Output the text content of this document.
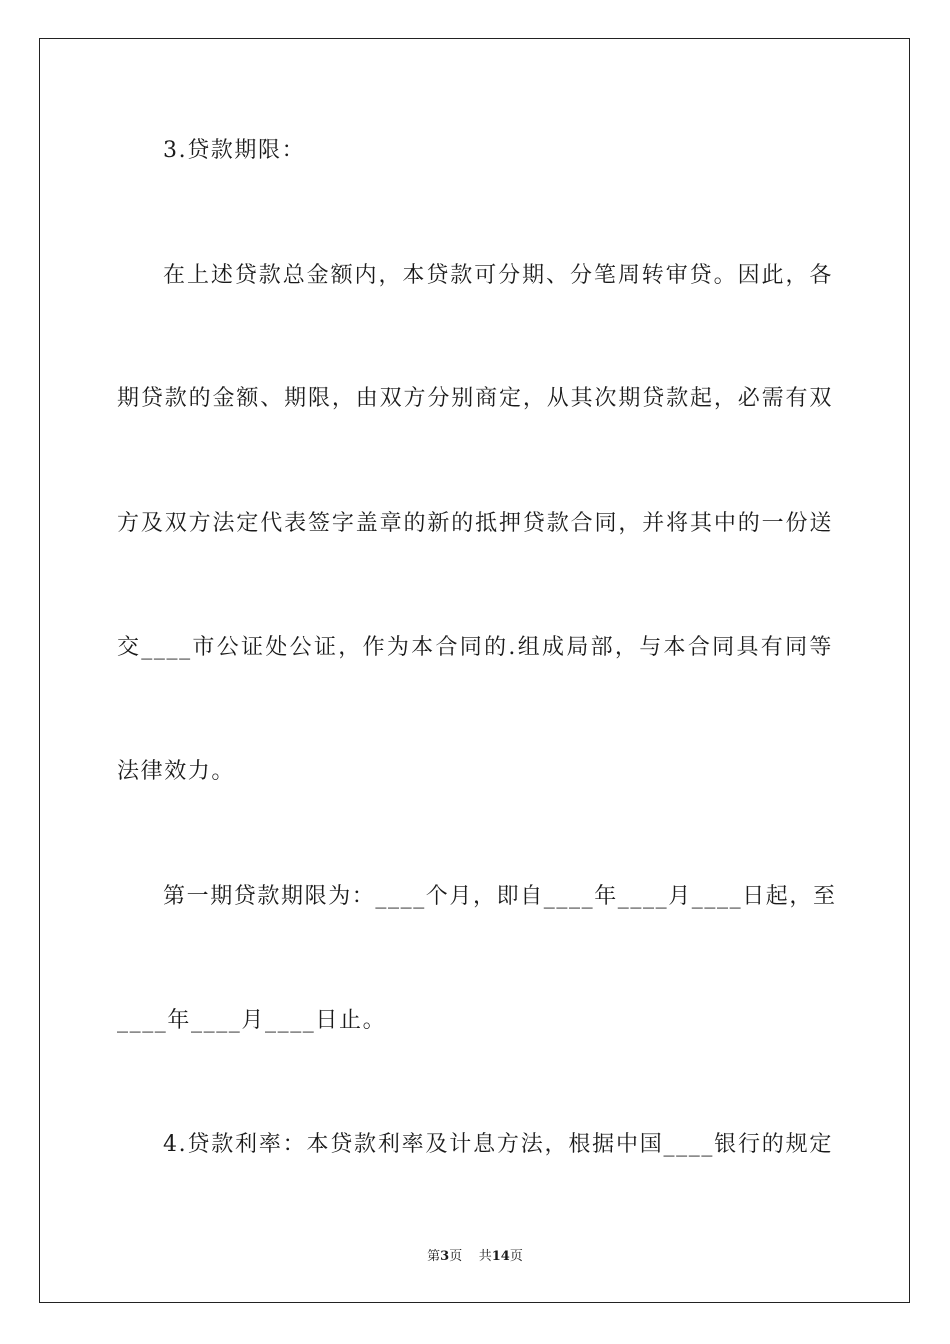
3.贷款期限：
在上述贷款总金额内，本贷款可分期、分笔周转审贷。因此，各
期贷款的金额、期限，由双方分别商定，从其次期贷款起，必需有双
方及双方法定代表签字盖章的新的抵押贷款合同，并将其中的一份送
交____市公证处公证，作为本合同的.组成局部，与本合同具有同等
法律效力。
第一期贷款期限为：____个月，即自____年____月____日起，至
____年____月____日止。
4.贷款利率：本贷款利率及计息方法，根据中国____银行的规定
第3页 共14页
